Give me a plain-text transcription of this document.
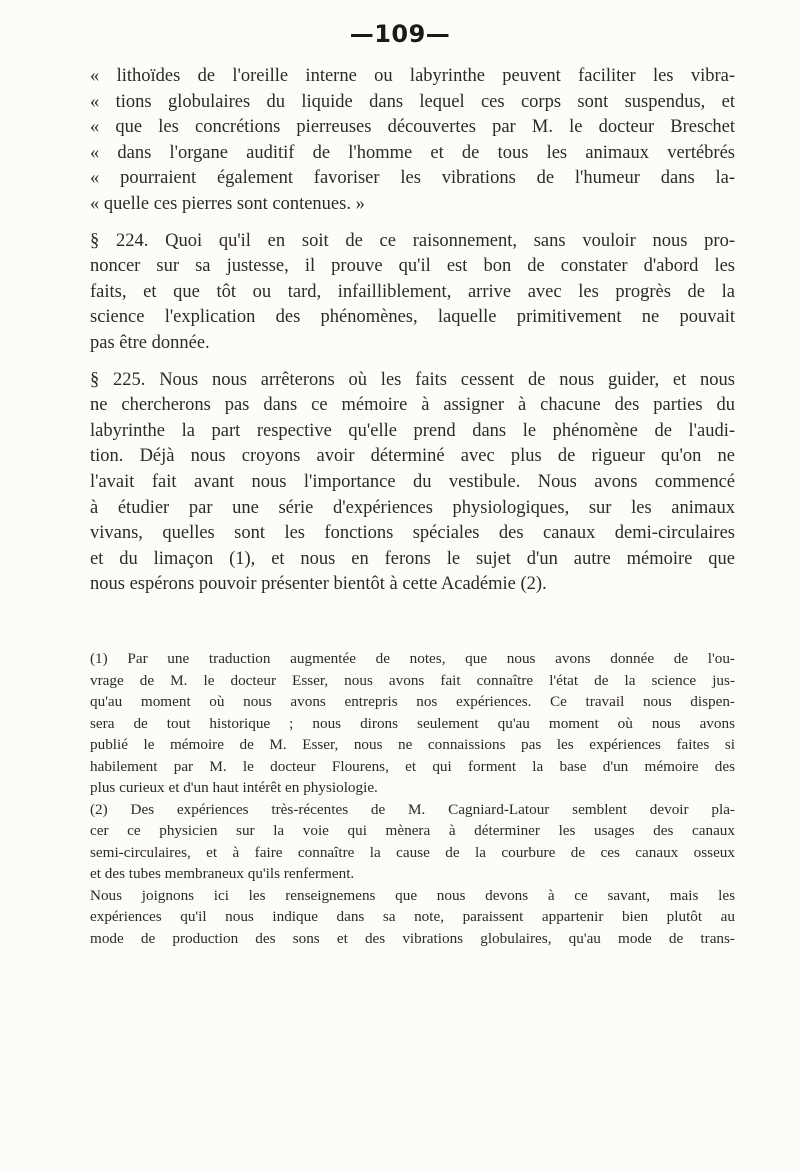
—109—
« lithoïdes de l'oreille interne ou labyrinthe peuvent faciliter les vibra-
« tions globulaires du liquide dans lequel ces corps sont suspendus, et
« que les concrétions pierreuses découvertes par M. le docteur Breschet
« dans l'organe auditif de l'homme et de tous les animaux vertébrés
« pourraient également favoriser les vibrations de l'humeur dans la-
« quelle ces pierres sont contenues. »
§ 224. Quoi qu'il en soit de ce raisonnement, sans vouloir nous pro-
noncer sur sa justesse, il prouve qu'il est bon de constater d'abord les
faits, et que tôt ou tard, infailliblement, arrive avec les progrès de la
science l'explication des phénomènes, laquelle primitivement ne pouvait
pas être donnée.
§ 225. Nous nous arrêterons où les faits cessent de nous guider, et nous
ne chercherons pas dans ce mémoire à assigner à chacune des parties du
labyrinthe la part respective qu'elle prend dans le phénomène de l'audi-
tion. Déjà nous croyons avoir déterminé avec plus de rigueur qu'on ne
l'avait fait avant nous l'importance du vestibule. Nous avons commencé
à étudier par une série d'expériences physiologiques, sur les animaux
vivans, quelles sont les fonctions spéciales des canaux demi-circulaires
et du limaçon (1), et nous en ferons le sujet d'un autre mémoire que
nous espérons pouvoir présenter bientôt à cette Académie (2).
(1) Par une traduction augmentée de notes, que nous avons donnée de l'ou-
vrage de M. le docteur Esser, nous avons fait connaître l'état de la science jus-
qu'au moment où nous avons entrepris nos expériences. Ce travail nous dispen-
sera de tout historique ; nous dirons seulement qu'au moment où nous avons
publié le mémoire de M. Esser, nous ne connaissions pas les expériences faites si
habilement par M. le docteur Flourens, et qui forment la base d'un mémoire des
plus curieux et d'un haut intérêt en physiologie.
(2) Des expériences très-récentes de M. Cagniard-Latour semblent devoir pla-
cer ce physicien sur la voie qui mènera à déterminer les usages des canaux
semi-circulaires, et à faire connaître la cause de la courbure de ces canaux osseux
et des tubes membraneux qu'ils renferment.
Nous joignons ici les renseignemens que nous devons à ce savant, mais les
expériences qu'il nous indique dans sa note, paraissent appartenir bien plutôt au
mode de production des sons et des vibrations globulaires, qu'au mode de trans-
